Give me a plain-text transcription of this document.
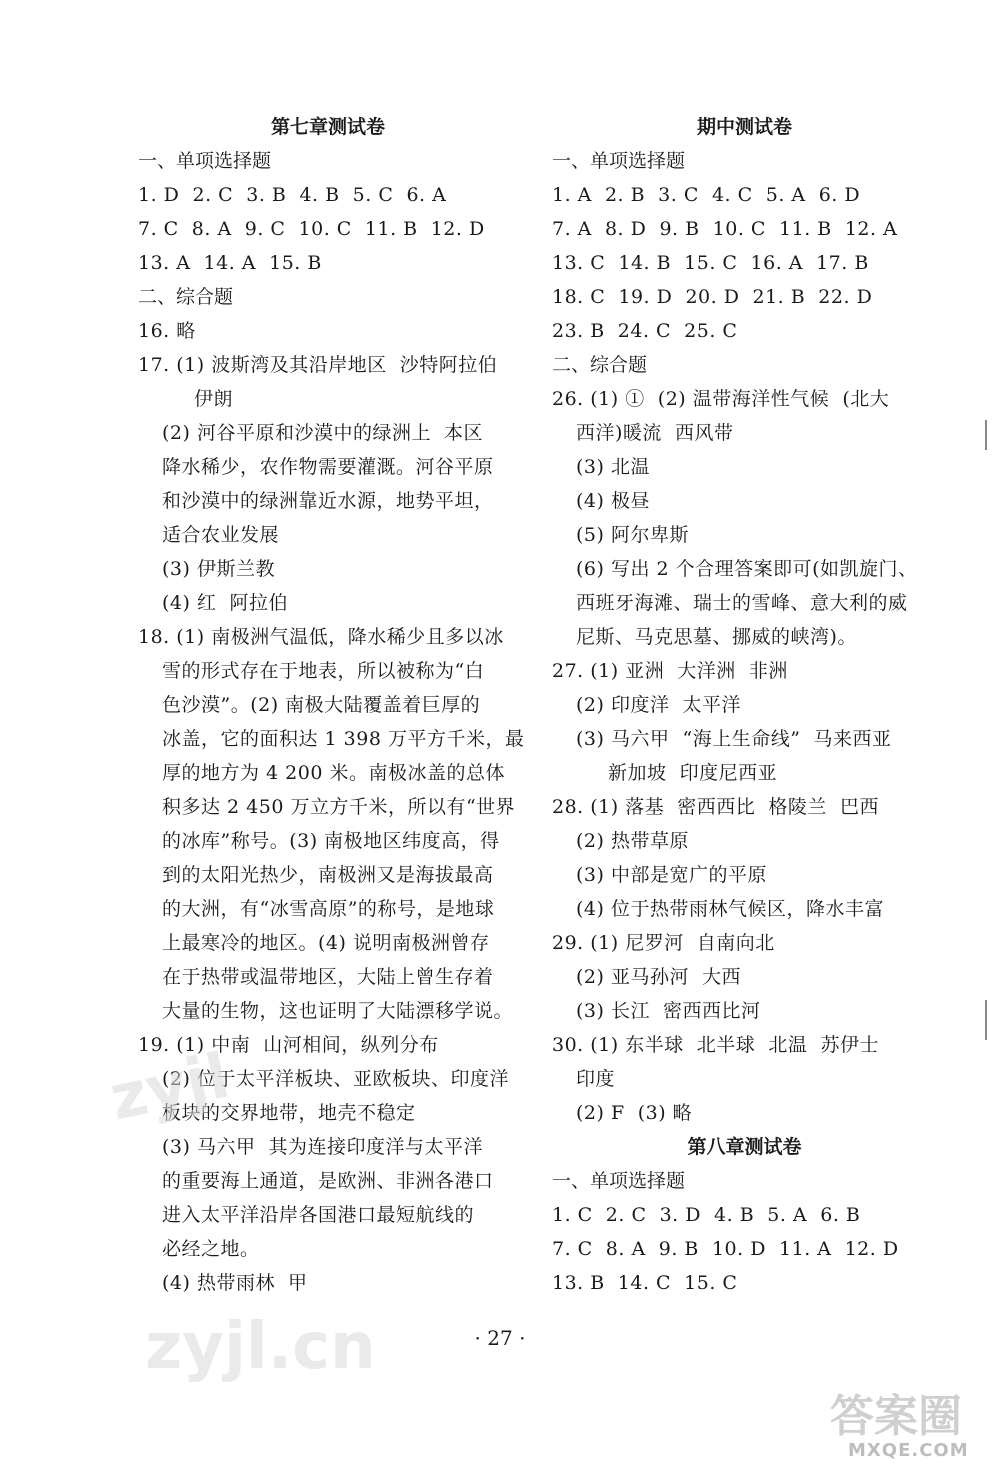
第七章测试卷
一、单项选择题
1. D  2. C  3. B  4. B  5. C  6. A
7. C  8. A  9. C  10. C  11. B  12. D
13. A  14. A  15. B
二、综合题
16. 略
17. (1) 波斯湾及其沿岸地区  沙特阿拉伯
伊朗
(2) 河谷平原和沙漠中的绿洲上  本区
降水稀少，农作物需要灌溉。河谷平原
和沙漠中的绿洲靠近水源，地势平坦，
适合农业发展
(3) 伊斯兰教
(4) 红  阿拉伯
18. (1) 南极洲气温低，降水稀少且多以冰
雪的形式存在于地表，所以被称为“白
色沙漠”。(2) 南极大陆覆盖着巨厚的
冰盖，它的面积达 1 398 万平方千米，最
厚的地方为 4 200 米。南极冰盖的总体
积多达 2 450 万立方千米，所以有“世界
的冰库”称号。(3) 南极地区纬度高，得
到的太阳光热少，南极洲又是海拔最高
的大洲，有“冰雪高原”的称号，是地球
上最寒冷的地区。(4) 说明南极洲曾存
在于热带或温带地区，大陆上曾生存着
大量的生物，这也证明了大陆漂移学说。
19. (1) 中南  山河相间，纵列分布
(2) 位于太平洋板块、亚欧板块、印度洋
板块的交界地带，地壳不稳定
(3) 马六甲  其为连接印度洋与太平洋
的重要海上通道，是欧洲、非洲各港口
进入太平洋沿岸各国港口最短航线的
必经之地。
(4) 热带雨林  甲
期中测试卷
一、单项选择题
1. A  2. B  3. C  4. C  5. A  6. D
7. A  8. D  9. B  10. C  11. B  12. A
13. C  14. B  15. C  16. A  17. B
18. C  19. D  20. D  21. B  22. D
23. B  24. C  25. C
二、综合题
26. (1) ①  (2) 温带海洋性气候  (北大
西洋)暖流  西风带
(3) 北温
(4) 极昼
(5) 阿尔卑斯
(6) 写出 2 个合理答案即可(如凯旋门、
西班牙海滩、瑞士的雪峰、意大利的威
尼斯、马克思墓、挪威的峡湾)。
27. (1) 亚洲  大洋洲  非洲
(2) 印度洋  太平洋
(3) 马六甲  “海上生命线”  马来西亚
新加坡  印度尼西亚
28. (1) 落基  密西西比  格陵兰  巴西
(2) 热带草原
(3) 中部是宽广的平原
(4) 位于热带雨林气候区，降水丰富
29. (1) 尼罗河  自南向北
(2) 亚马孙河  大西
(3) 长江  密西西比河
30. (1) 东半球  北半球  北温  苏伊士
印度
(2) F  (3) 略
第八章测试卷
一、单项选择题
1. C  2. C  3. D  4. B  5. A  6. B
7. C  8. A  9. B  10. D  11. A  12. D
13. B  14. C  15. C
· 27 ·
zyjl
zyjl.cn
答案圈
MXQE.COM
